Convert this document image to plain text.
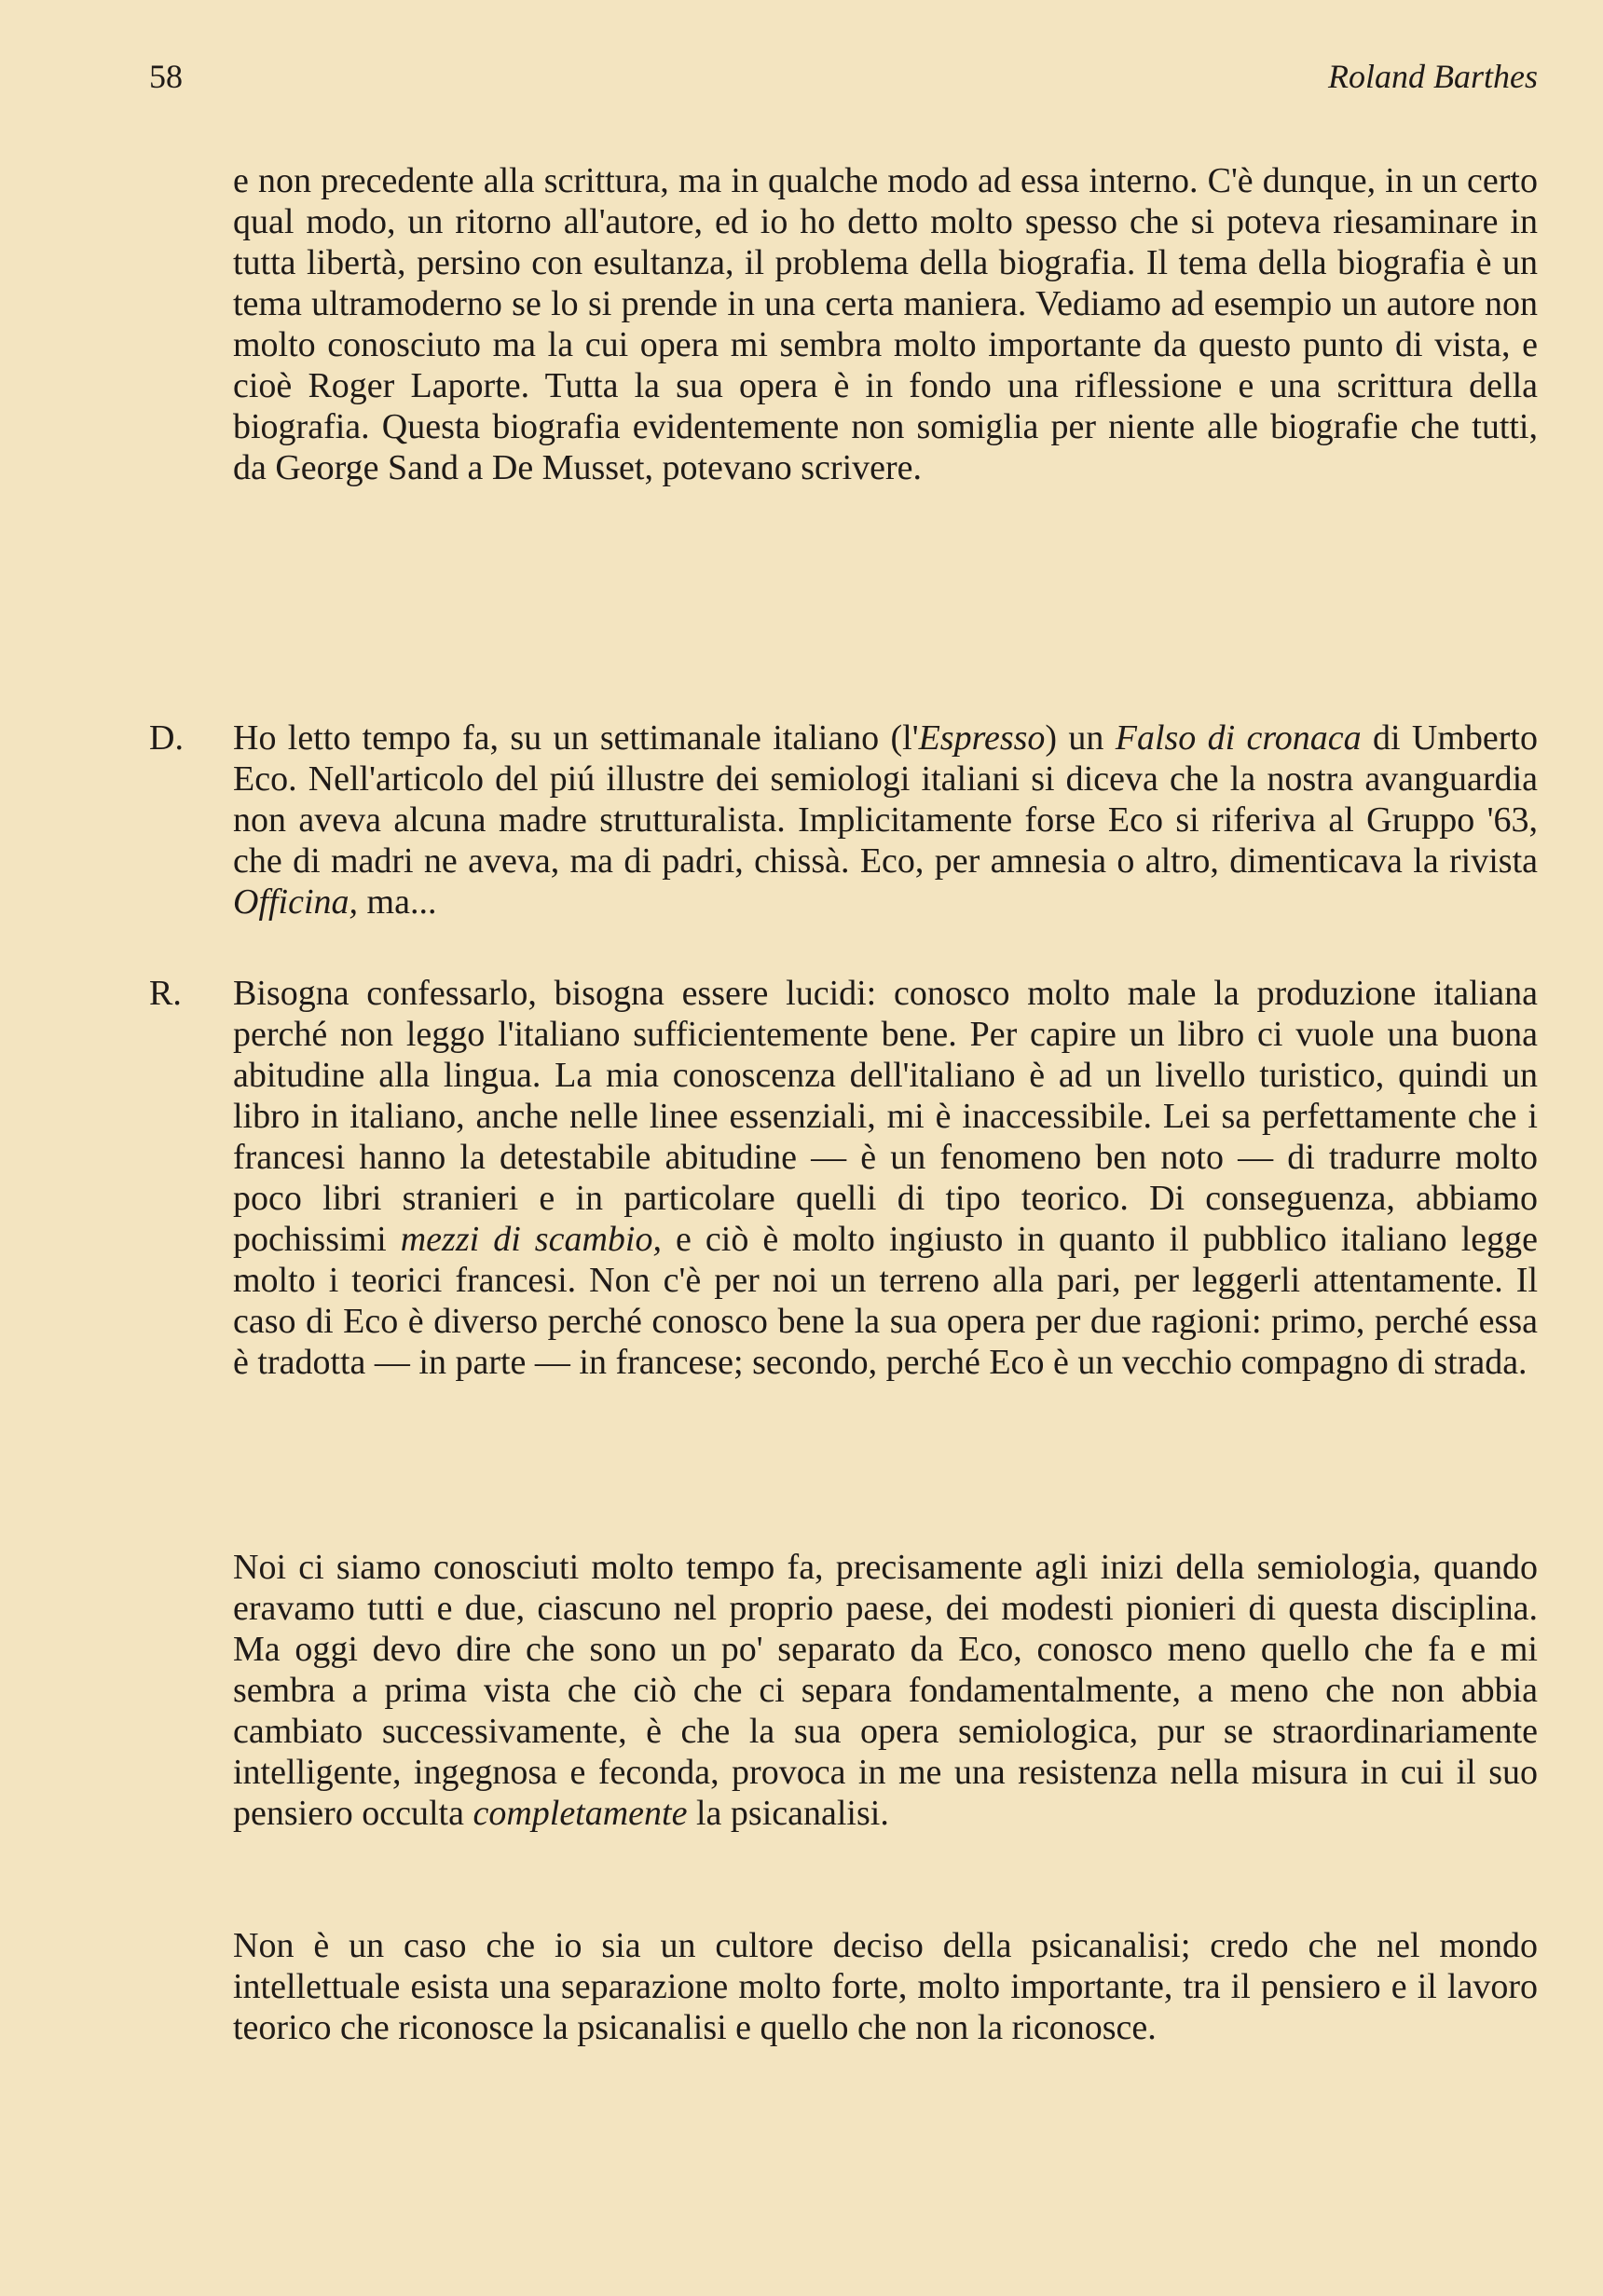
58	Roland Barthes

e non precedente alla scrittura, ma in qualche modo ad essa interno. C'è dunque, in un certo qual modo, un ritorno all'autore, ed io ho detto molto spesso che si poteva riesaminare in tutta libertà, persino con esultanza, il problema della biografia. Il tema della biografia è un tema ultramoderno se lo si prende in una certa maniera. Vediamo ad esempio un autore non molto conosciuto ma la cui opera mi sembra molto importante da questo punto di vista, e cioè Roger Laporte. Tutta la sua opera è in fondo una riflessione e una scrittura della biografia. Questa biografia evidentemente non somiglia per niente alle biografie che tutti, da George Sand a De Musset, potevano scrivere.

D. Ho letto tempo fa, su un settimanale italiano (l'Espresso) un Falso di cronaca di Umberto Eco. Nell'articolo del piú illustre dei semiologi italiani si diceva che la nostra avanguardia non aveva alcuna madre strutturalista. Implicitamente forse Eco si riferiva al Gruppo '63, che di madri ne aveva, ma di padri, chissà. Eco, per amnesia o altro, dimenticava la rivista Officina, ma...

R. Bisogna confessarlo, bisogna essere lucidi: conosco molto male la produzione italiana perché non leggo l'italiano sufficientemente bene. Per capire un libro ci vuole una buona abitudine alla lingua. La mia conoscenza dell'italiano è ad un livello turistico, quindi un libro in italiano, anche nelle linee essenziali, mi è inaccessibile. Lei sa perfettamente che i francesi hanno la detestabile abitudine — è un fenomeno ben noto — di tradurre molto poco libri stranieri e in particolare quelli di tipo teorico. Di conseguenza, abbiamo pochissimi mezzi di scambio, e ciò è molto ingiusto in quanto il pubblico italiano legge molto i teorici francesi. Non c'è per noi un terreno alla pari, per leggerli attentamente. Il caso di Eco è diverso perché conosco bene la sua opera per due ragioni: primo, perché essa è tradotta — in parte — in francese; secondo, perché Eco è un vecchio compagno di strada.

Noi ci siamo conosciuti molto tempo fa, precisamente agli inizi della semiologia, quando eravamo tutti e due, ciascuno nel proprio paese, dei modesti pionieri di questa disciplina. Ma oggi devo dire che sono un po' separato da Eco, conosco meno quello che fa e mi sembra a prima vista che ciò che ci separa fondamentalmente, a meno che non abbia cambiato successivamente, è che la sua opera semiologica, pur se straordinariamente intelligente, ingegnosa e feconda, provoca in me una resistenza nella misura in cui il suo pensiero occulta completamente la psicanalisi.

Non è un caso che io sia un cultore deciso della psicanalisi; credo che nel mondo intellettuale esista una separazione molto forte, molto importante, tra il pensiero e il lavoro teorico che riconosce la psicanalisi e quello che non la riconosce.
